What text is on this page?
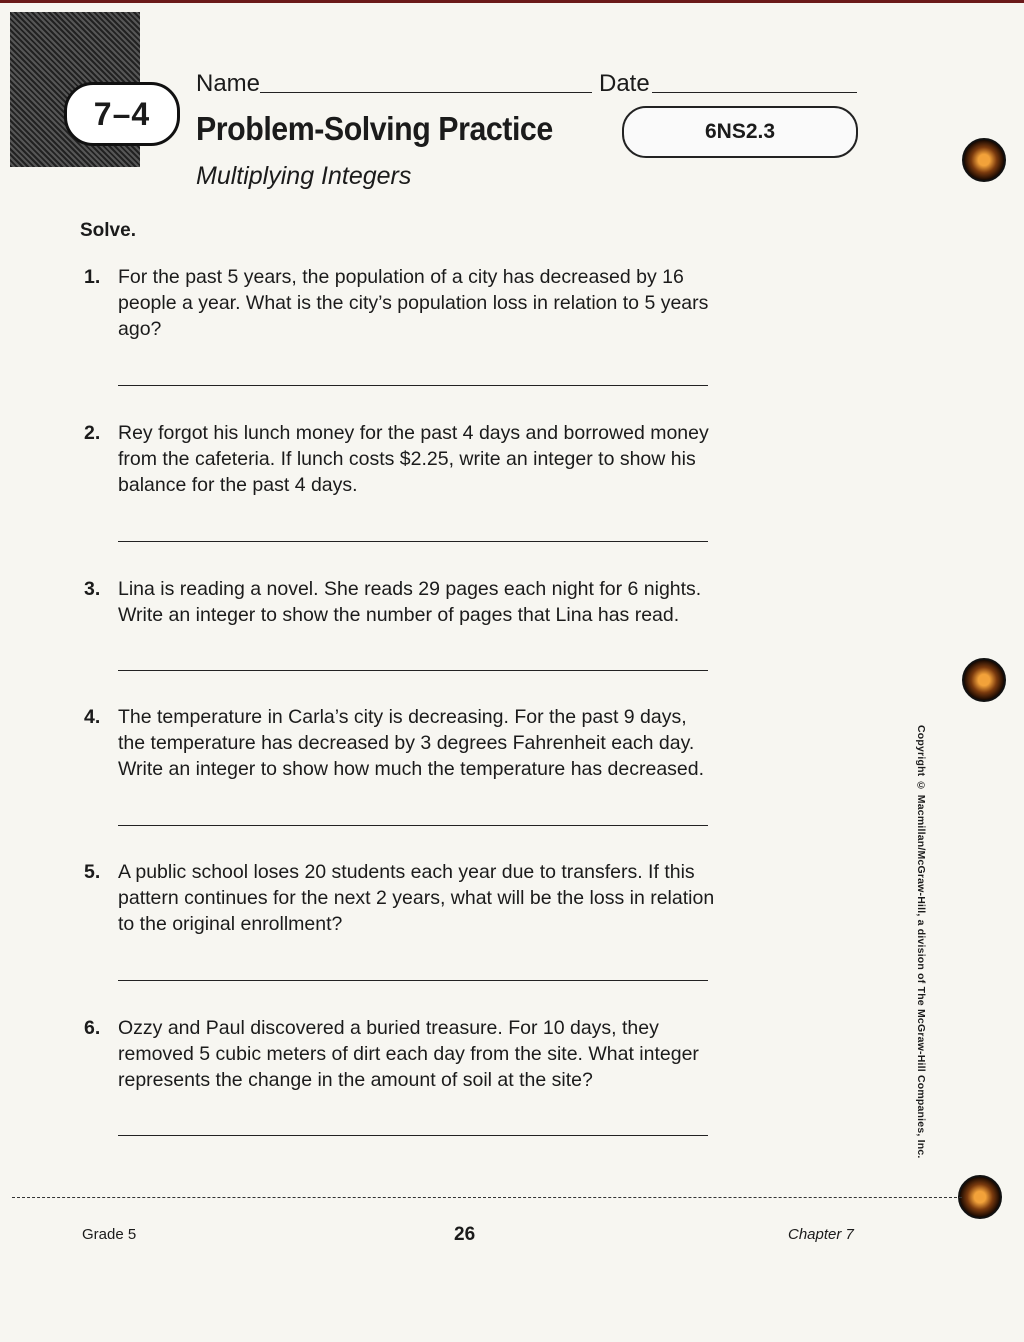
7–4
Name	Date
Problem-Solving Practice
Multiplying Integers
6NS2.3
Solve.
1. For the past 5 years, the population of a city has decreased by 16 people a year. What is the city’s population loss in relation to 5 years ago?
2. Rey forgot his lunch money for the past 4 days and borrowed money from the cafeteria. If lunch costs $2.25, write an integer to show his balance for the past 4 days.
3. Lina is reading a novel. She reads 29 pages each night for 6 nights. Write an integer to show the number of pages that Lina has read.
4. The temperature in Carla’s city is decreasing. For the past 9 days, the temperature has decreased by 3 degrees Fahrenheit each day. Write an integer to show how much the temperature has decreased.
5. A public school loses 20 students each year due to transfers. If this pattern continues for the next 2 years, what will be the loss in relation to the original enrollment?
6. Ozzy and Paul discovered a buried treasure. For 10 days, they removed 5 cubic meters of dirt each day from the site. What integer represents the change in the amount of soil at the site?	Copyright © Macmillan/McGraw-Hill, a division of The McGraw-Hill Companies, Inc.
Grade 5	26	Chapter 7
